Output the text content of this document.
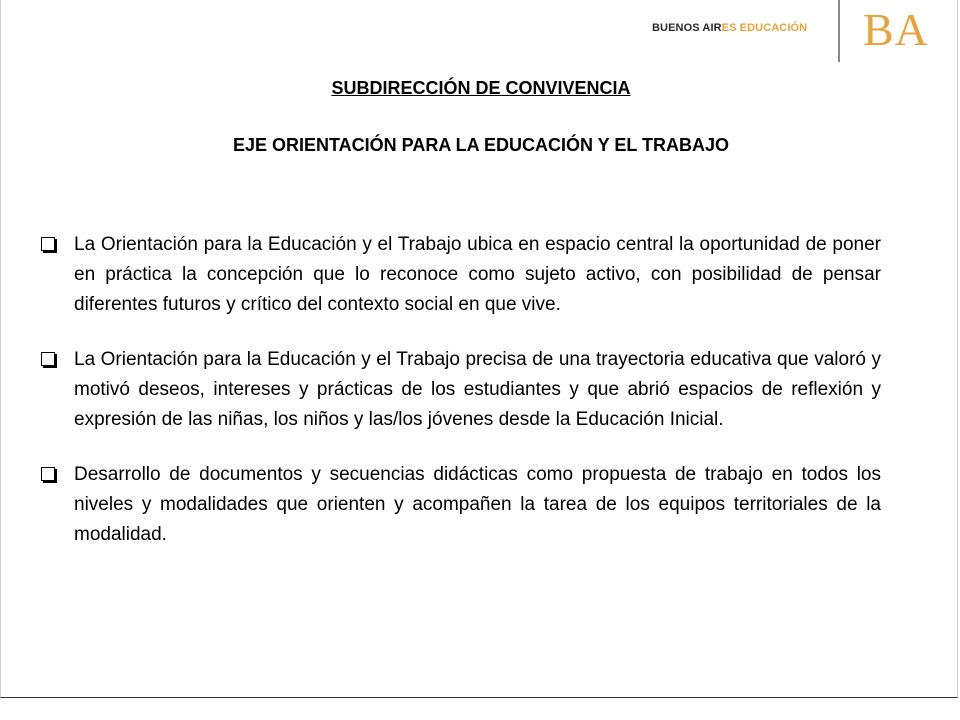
BUENOS AIRES EDUCACIÓN BA
SUBDIRECCIÓN DE CONVIVENCIA
EJE ORIENTACIÓN PARA LA EDUCACIÓN Y EL TRABAJO
La Orientación para la Educación y el Trabajo ubica en espacio central la oportunidad de poner en práctica la concepción que lo reconoce como sujeto activo, con posibilidad de pensar diferentes futuros y crítico del contexto social en que vive.
La Orientación para la Educación y el Trabajo precisa de una trayectoria educativa que valoró y motivó deseos, intereses y prácticas de los estudiantes y que abrió espacios de reflexión y expresión de las niñas, los niños y las/los jóvenes desde la Educación Inicial.
Desarrollo de documentos y secuencias didácticas como propuesta de trabajo en todos los niveles y modalidades que orienten y acompañen la tarea de los equipos territoriales de la modalidad.
